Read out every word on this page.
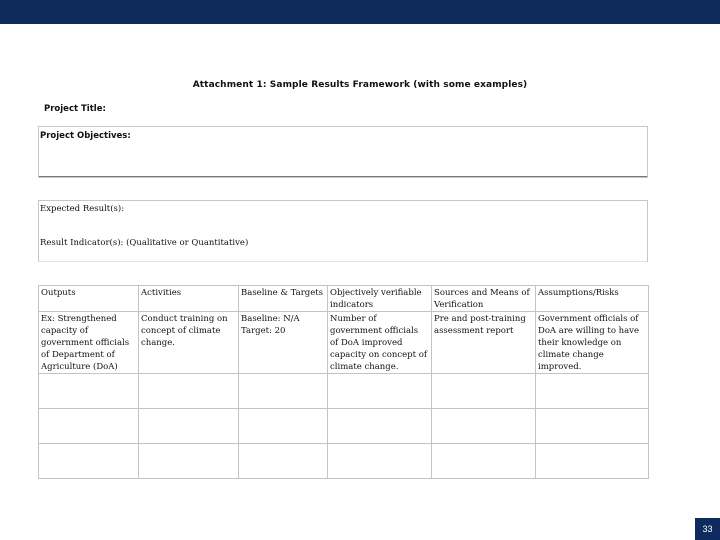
Attachment 1: Sample Results Framework (with some examples)
Project Title:
Project Objectives:
Expected Result(s):
Result Indicator(s): (Qualitative or Quantitative)
Outputs	Activities	Baseline & Targets	Objectively verifiable indicators	Sources and Means of Verification	Assumptions/Risks
Ex: Strengthened capacity of government officials of Department of Agriculture (DoA)	Conduct training on concept of climate change.	Baseline: N/A Target: 20	Number of government officials of DoA improved capacity on concept of climate change.	Pre and post-training assessment report	Government officials of DoA are willing to have their knowledge on climate change improved.

33
